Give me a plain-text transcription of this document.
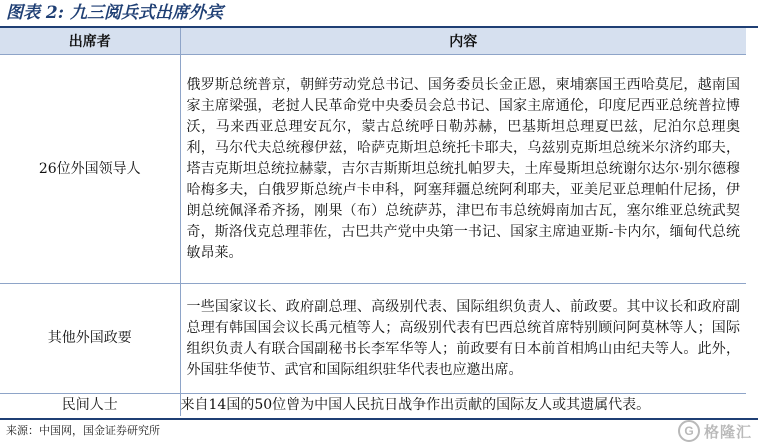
图表 2: 九三阅兵式出席外宾
出席者	内容
26位外国领导人	俄罗斯总统普京，朝鲜劳动党总书记、国务委员长金正恩，柬埔寨国王西哈莫尼，越南国家主席梁强，老挝人民革命党中央委员会总书记、国家主席通伦，印度尼西亚总统普拉博沃，马来西亚总理安瓦尔，蒙古总统呼日勒苏赫，巴基斯坦总理夏巴兹，尼泊尔总理奥利，马尔代夫总统穆伊兹，哈萨克斯坦总统托卡耶夫，乌兹别克斯坦总统米尔济约耶夫，塔吉克斯坦总统拉赫蒙，吉尔吉斯斯坦总统扎帕罗夫，土库曼斯坦总统谢尔达尔·别尔德穆哈梅多夫，白俄罗斯总统卢卡申科，阿塞拜疆总统阿利耶夫，亚美尼亚总理帕什尼扬，伊朗总统佩泽希齐扬，刚果（布）总统萨苏，津巴布韦总统姆南加古瓦，塞尔维亚总统武契奇，斯洛伐克总理菲佐，古巴共产党中央第一书记、国家主席迪亚斯-卡内尔，缅甸代总统敏昂莱。
其他外国政要	一些国家议长、政府副总理、高级别代表、国际组织负责人、前政要。其中议长和政府副总理有韩国国会议长禹元植等人；高级别代表有巴西总统首席特别顾问阿莫林等人；国际组织负责人有联合国副秘书长李军华等人；前政要有日本前首相鸠山由纪夫等人。此外，外国驻华使节、武官和国际组织驻华代表也应邀出席。
民间人士	来自14国的50位曾为中国人民抗日战争作出贡献的国际友人或其遗属代表。
来源：中国网，国金证券研究所	G 格隆汇
